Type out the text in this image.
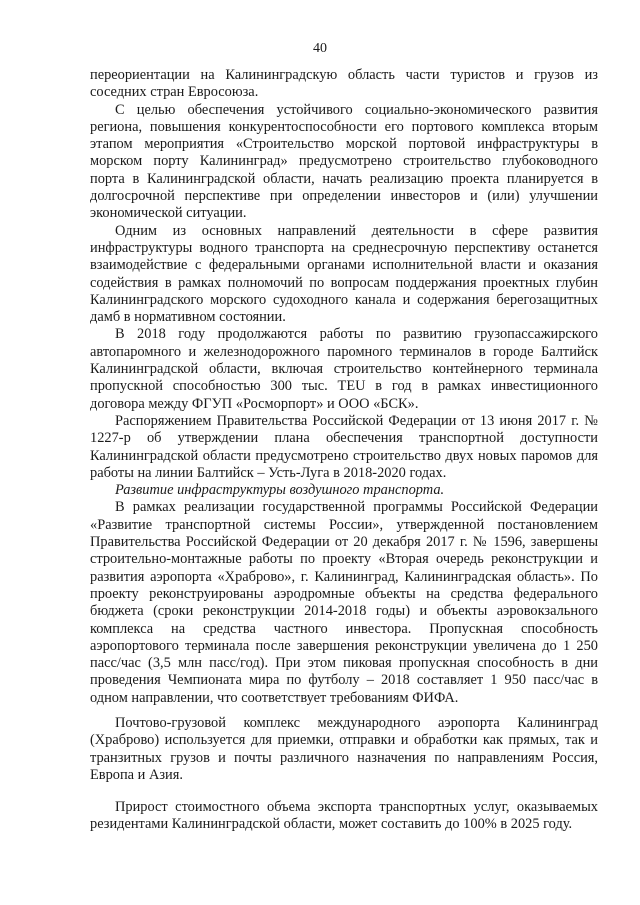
40

переориентации на Калининградскую область части туристов и грузов из соседних стран Евросоюза.

С целью обеспечения устойчивого социально-экономического развития региона, повышения конкурентоспособности его портового комплекса вторым этапом мероприятия «Строительство морской портовой инфраструктуры в морском порту Калининград» предусмотрено строительство глубоководного порта в Калининградской области, начать реализацию проекта планируется в долгосрочной перспективе при определении инвесторов и (или) улучшении экономической ситуации.

Одним из основных направлений деятельности в сфере развития инфраструктуры водного транспорта на среднесрочную перспективу останется взаимодействие с федеральными органами исполнительной власти и оказания содействия в рамках полномочий по вопросам поддержания проектных глубин Калининградского морского судоходного канала и содержания берегозащитных дамб в нормативном состоянии.

В 2018 году продолжаются работы по развитию грузопассажирского автопаромного и железнодорожного паромного терминалов в городе Балтийск Калининградской области, включая строительство контейнерного терминала пропускной способностью 300 тыс. TEU в год в рамках инвестиционного договора между ФГУП «Росморпорт» и ООО «БСК».

Распоряжением Правительства Российской Федерации от 13 июня 2017 г. № 1227-р об утверждении плана обеспечения транспортной доступности Калининградской области предусмотрено строительство двух новых паромов для работы на линии Балтийск – Усть-Луга в 2018-2020 годах.

Развитие инфраструктуры воздушного транспорта.

В рамках реализации государственной программы Российской Федерации «Развитие транспортной системы России», утвержденной постановлением Правительства Российской Федерации от 20 декабря 2017 г. № 1596, завершены строительно-монтажные работы по проекту «Вторая очередь реконструкции и развития аэропорта «Храброво», г. Калининград, Калининградская область». По проекту реконструированы аэродромные объекты на средства федерального бюджета (сроки реконструкции 2014-2018 годы) и объекты аэровокзального комплекса на средства частного инвестора. Пропускная способность аэропортового терминала после завершения реконструкции увеличена до 1 250 пасс/час (3,5 млн пасс/год). При этом пиковая пропускная способность в дни проведения Чемпионата мира по футболу – 2018 составляет 1 950 пасс/час в одном направлении, что соответствует требованиям ФИФА.

Почтово-грузовой комплекс международного аэропорта Калининград (Храброво) используется для приемки, отправки и обработки как прямых, так и транзитных грузов и почты различного назначения по направлениям Россия, Европа и Азия.

Прирост стоимостного объема экспорта транспортных услуг, оказываемых резидентами Калининградской области, может составить до 100% в 2025 году.
